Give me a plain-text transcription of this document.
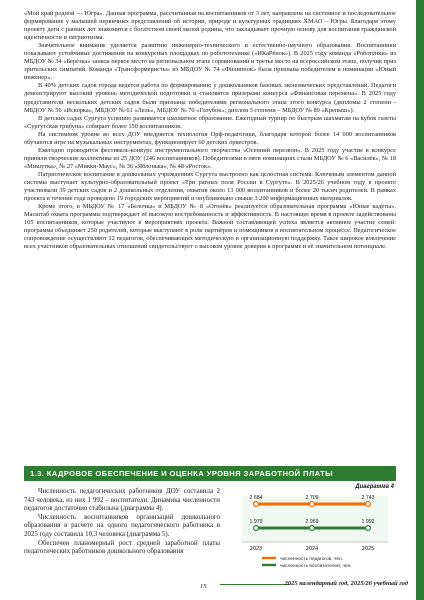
«Мой край родной — Югра». Данная программа, рассчитанная на воспитанников от 3 лет, направлена на системное и последовательное формирование у малышей первичных представлений об истории, природе и культурных традициях ХМАО – Югры. Благодаря этому проекту дети с ранних лет знакомятся с богатством своей малой родины, что закладывает прочную основу для воспитания гражданской идентичности и патриотизма.

Значительное внимание уделяется развитию инженерно-технического и естественно-научного образования. Воспитанники показывают устойчивые достижения на конкурсных площадках по робототехнике («ИКаРёнок»). В 2025 году команда «Роботёнки» из МБДОУ № 34 «Берёзка» заняла первое место на региональном этапе соревнований и третье место на всероссийском этапе, получив приз зрительских симпатий. Команда «Трансформеристы» из МБДОУ № 74 «Филиппок» была признана победителем в номинации «Юный инженер».

В 40% детских садов города ведется работа по формированию у дошкольников базовых экономических представлений. Педагоги демонстрируют высокий уровень методической подготовки и становятся призерами конкурса «Финансовая перемена». В 2025 году представители нескольких детских садов были признаны победителями регионального этапа этого конкурса (дипломы 2 степени - МБДОУ № 56 «Искорка», МБДОУ № 61 «Лель», МБДОУ № 70 «Голубок»; диплом 3 степени – МБДОУ № 89 «Крепыш»).

В детских садах Сургута успешно развивается шахматное образование. Ежегодный турнир по быстрым шахматам на кубок газеты «Сургутская трибуна» собирает более 150 воспитанников.

На системном уровне во всех ДОУ внедряется технология Орф-педагогики, благодаря которой более 14 000 воспитанников обучаются игре на музыкальных инструментах, функционирует 60 детских оркестров.

Ежегодно проводится фестиваль-конкурс инструментального творчества «Осенний перезвон». В 2025 году участие в конкурсе приняли творческие коллективы из 25 ДОУ (246 воспитанников). Победителями в пяти номинациях стали МБДОУ № 6 «Василёк», № 18 «Мишутка», № 27 «Микки-Маус», № 36 «Яблонька», № 48 «Росток».

Патриотическое воспитание в дошкольных учреждениях Сургута выстроено как целостная система. Ключевым элементом данной системы выступает культурно-образовательный проект «Три ратных поля России в Сургуте». В 2025/26 учебном году в проекте участвовали 39 детских садов и 2 дошкольных отделения, охватив около 13 000 воспитанников и более 20 тысяч родителей. В рамках проекта в течение года проведено 19 городских мероприятий и опубликовано свыше 3 200 информационных материалов.

Кроме этого, в МБДОУ № 17 «Белочка» и МБДОУ № 8 «Огонёк» реализуется образовательная программа «Юные кадеты». Масштаб охвата программы подтверждает её высокую востребованность и эффективность. В настоящее время в проекте задействованы 105 воспитанников, которые участвуют в мероприятиях проекта. Важной составляющей успеха является активное участие семей: программа объединяет 250 родителей, которые выступают в роли партнёров и помощников в воспитательном процессе. Педагогическое сопровождение осуществляют 12 педагогов, обеспечивающих методическую и организационную поддержку. Такое широкое вовлечение всех участников образовательных отношений свидетельствует о высоком уровне доверия к программе и её значительном потенциале.

1.3. КАДРОВОЕ ОБЕСПЕЧЕНИЕ И ОЦЕНКА УРОВНЯ ЗАРАБОТНОЙ ПЛАТЫ

Численность педагогических работников ДОУ составила 2 743 человека, из них 1 992 – воспитатели. Динамика численности педагогов достаточно стабильна (диаграмма 4).

Численность воспитанников организаций дошкольного образования в расчете на одного педагогического работника в 2025 году составила 10,3 человека (диаграмма 5).

Обеспечен планомерный рост средней заработной платы педагогических работников дошкольного образования

Диаграмма 4
2 684	2 709	2 743
1 979	2 969	1 992
2023	2024	2025
численность педагогов, чел.
численность воспитателей, чел.
15	2025 календарный год, 2025/26 учебный год
